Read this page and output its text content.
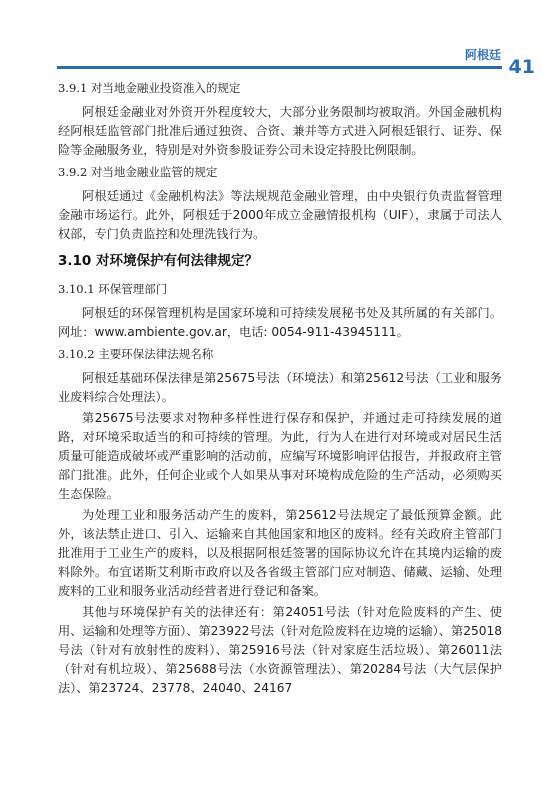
阿根廷
41
3.9.1 对当地金融业投资准入的规定
阿根廷金融业对外资开外程度较大，大部分业务限制均被取消。外国金融机构经阿根廷监管部门批准后通过独资、合资、兼并等方式进入阿根廷银行、证券、保险等金融服务业，特别是对外资参股证券公司未设定持股比例限制。
3.9.2 对当地金融业监管的规定
阿根廷通过《金融机构法》等法规规范金融业管理，由中央银行负责监督管理金融市场运行。此外，阿根廷于2000年成立金融情报机构（UIF），隶属于司法人权部，专门负责监控和处理洗钱行为。
3.10 对环境保护有何法律规定？
3.10.1 环保管理部门
阿根廷的环保管理机构是国家环境和可持续发展秘书处及其所属的有关部门。网址：www.ambiente.gov.ar，电话: 0054-911-43945111。
3.10.2 主要环保法律法规名称
阿根廷基础环保法律是第25675号法（环境法）和第25612号法（工业和服务业废料综合处理法）。
第25675号法要求对物种多样性进行保存和保护，并通过走可持续发展的道路，对环境采取适当的和可持续的管理。为此，行为人在进行对环境或对居民生活质量可能造成破坏或严重影响的活动前，应编写环境影响评估报告，并报政府主管部门批准。此外，任何企业或个人如果从事对环境构成危险的生产活动，必须购买生态保险。
为处理工业和服务活动产生的废料，第25612号法规定了最低预算金额。此外，该法禁止进口、引入、运输来自其他国家和地区的废料。经有关政府主管部门批准用于工业生产的废料，以及根据阿根廷签署的国际协议允许在其境内运输的废料除外。布宜诺斯艾利斯市政府以及各省级主管部门应对制造、储藏、运输、处理废料的工业和服务业活动经营者进行登记和备案。
其他与环境保护有关的法律还有：第24051号法（针对危险废料的产生、使用、运输和处理等方面）、第23922号法（针对危险废料在边境的运输）、第25018号法（针对有放射性的废料）、第25916号法（针对家庭生活垃圾）、第26011法（针对有机垃圾）、第25688号法（水资源管理法）、第20284号法（大气层保护法）、第23724、23778、24040、24167
